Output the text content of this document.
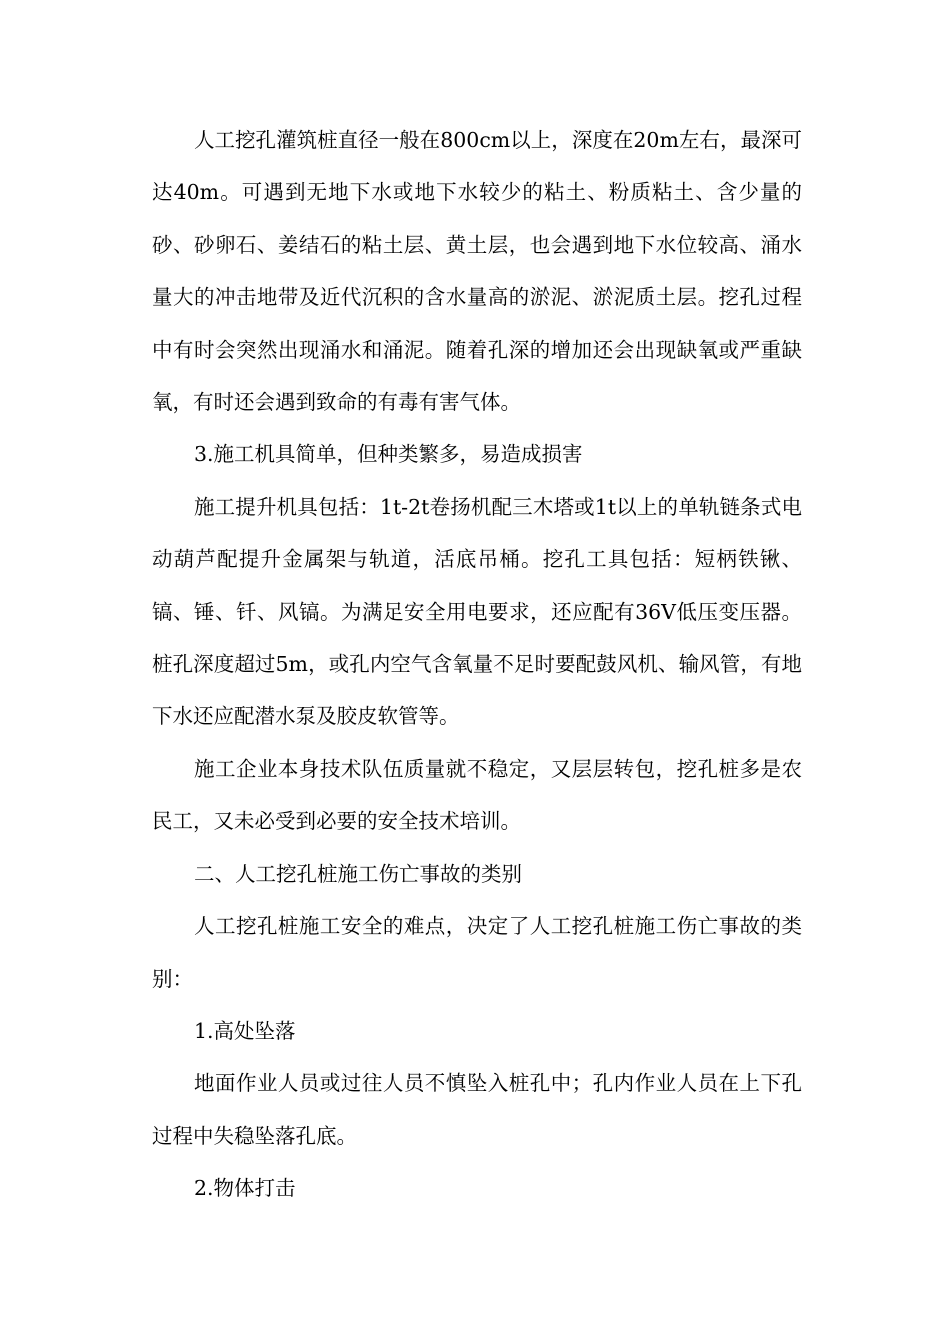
人工挖孔灌筑桩直径一般在800cm以上，深度在20m左右，最深可达40m。可遇到无地下水或地下水较少的粘土、粉质粘土、含少量的砂、砂卵石、姜结石的粘土层、黄土层，也会遇到地下水位较高、涌水量大的冲击地带及近代沉积的含水量高的淤泥、淤泥质土层。挖孔过程中有时会突然出现涌水和涌泥。随着孔深的增加还会出现缺氧或严重缺氧，有时还会遇到致命的有毒有害气体。

3.施工机具简单，但种类繁多，易造成损害

施工提升机具包括：1t-2t卷扬机配三木塔或1t以上的单轨链条式电动葫芦配提升金属架与轨道，活底吊桶。挖孔工具包括：短柄铁锹、镐、锤、钎、风镐。为满足安全用电要求，还应配有36V低压变压器。桩孔深度超过5m，或孔内空气含氧量不足时要配鼓风机、输风管，有地下水还应配潜水泵及胶皮软管等。

施工企业本身技术队伍质量就不稳定，又层层转包，挖孔桩多是农民工，又未必受到必要的安全技术培训。

二、人工挖孔桩施工伤亡事故的类别

人工挖孔桩施工安全的难点，决定了人工挖孔桩施工伤亡事故的类别：

1.高处坠落

地面作业人员或过往人员不慎坠入桩孔中；孔内作业人员在上下孔过程中失稳坠落孔底。

2.物体打击
